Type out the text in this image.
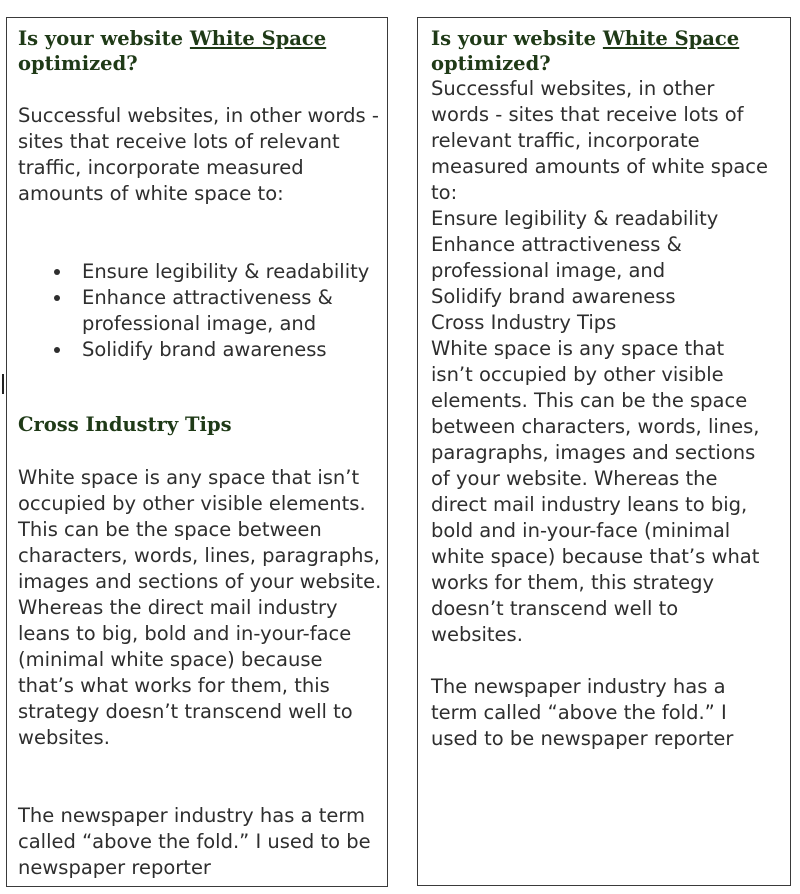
Is your website White Space
optimized?

Successful websites, in other words - sites that receive lots of relevant traffic, incorporate measured amounts of white space to:

Ensure legibility & readability
Enhance attractiveness & professional image, and
Solidify brand awareness
Cross Industry Tips

White space is any space that isn’t occupied by other visible elements. This can be the space between characters, words, lines, paragraphs, images and sections of your website. Whereas the direct mail industry leans to big, bold and in-your-face (minimal white space) because that’s what works for them, this strategy doesn’t transcend well to websites.

The newspaper industry has a term called “above the fold.” I used to be newspaper reporter

Is your website White Space
optimized?

Successful websites, in other words - sites that receive lots of relevant traffic, incorporate measured amounts of white space to:

Ensure legibility & readability

Enhance attractiveness & professional image, and

Solidify brand awareness

Cross Industry Tips

White space is any space that isn’t occupied by other visible elements. This can be the space between characters, words, lines, paragraphs, images and sections of your website. Whereas the direct mail industry leans to big, bold and in-your-face (minimal white space) because that’s what works for them, this strategy doesn’t transcend well to websites.

The newspaper industry has a term called “above the fold.” I used to be newspaper reporter
